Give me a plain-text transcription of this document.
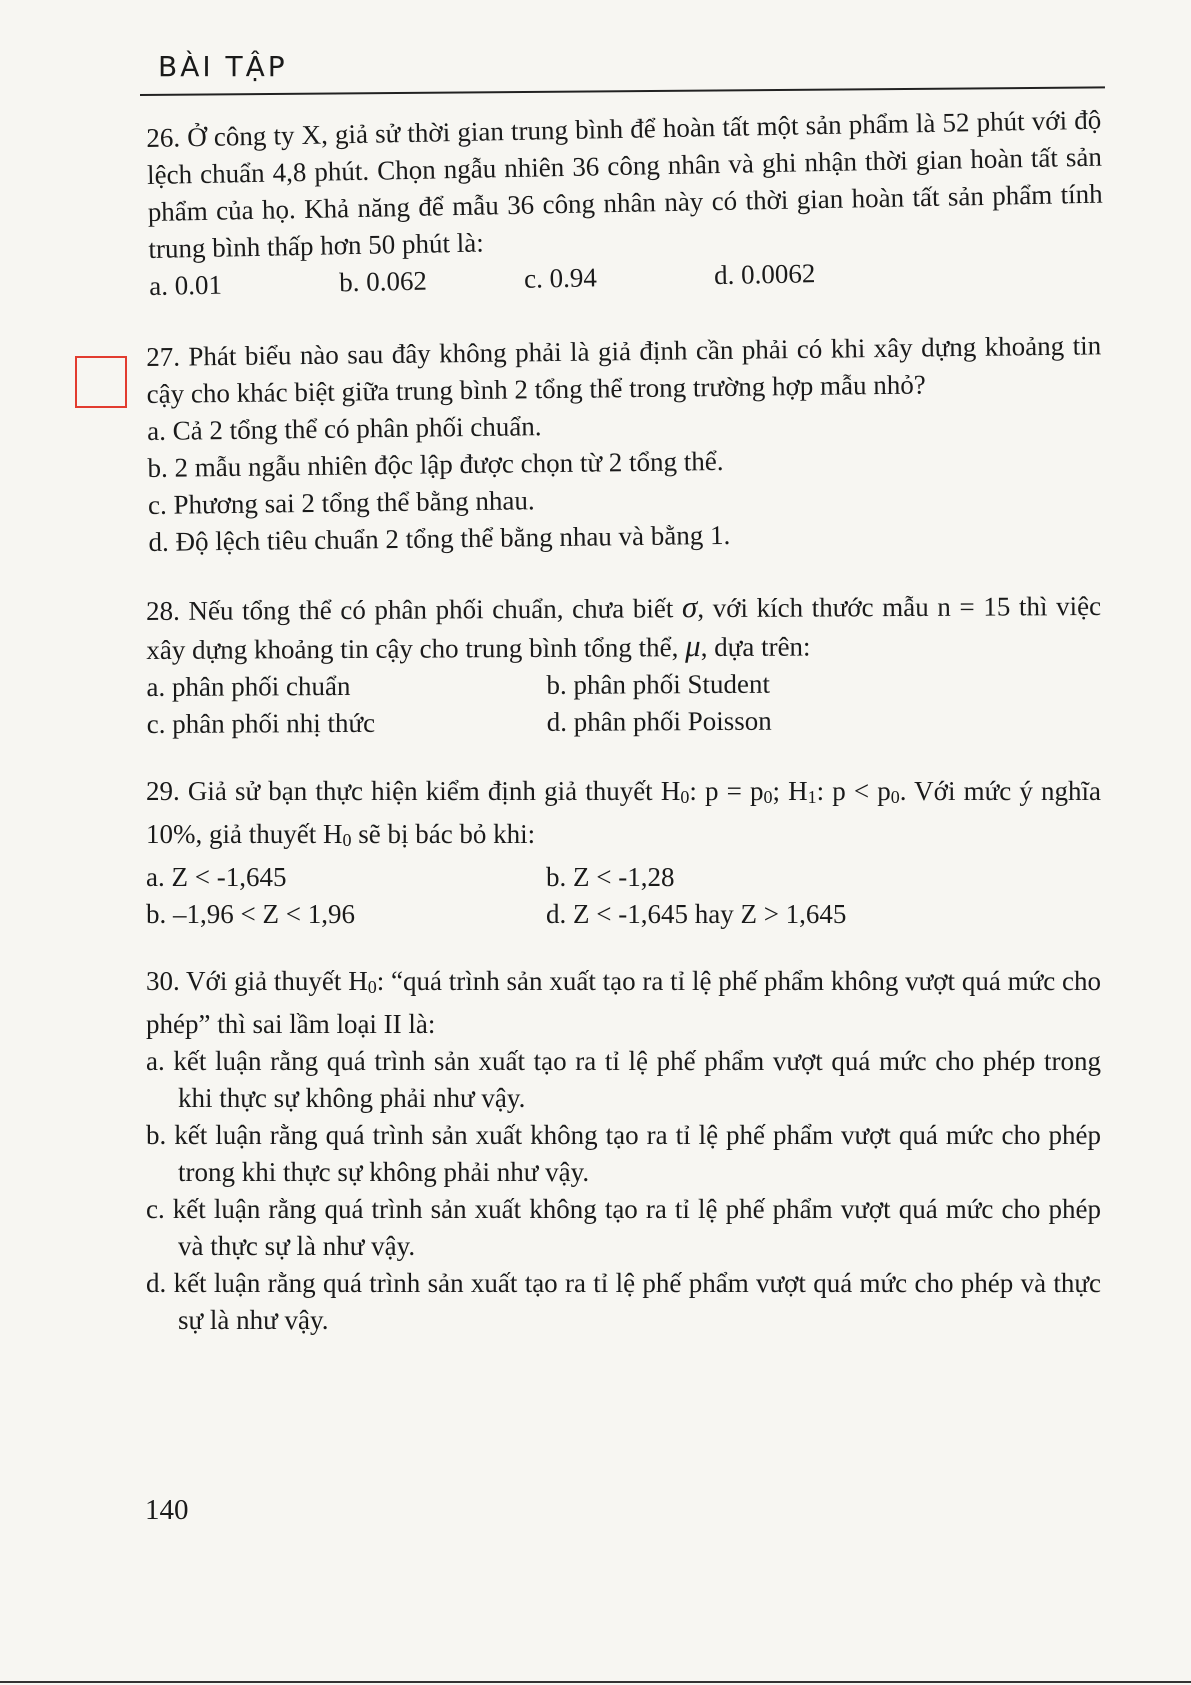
BÀI TẬP

26. Ở công ty X, giả sử thời gian trung bình để hoàn tất một sản phẩm là 52 phút với độ lệch chuẩn 4,8 phút. Chọn ngẫu nhiên 36 công nhân và ghi nhận thời gian hoàn tất sản phẩm của họ. Khả năng để mẫu 36 công nhân này có thời gian hoàn tất sản phẩm tính trung bình thấp hơn 50 phút là:

a. 0.01	b. 0.062	c. 0.94	d. 0.0062

27. Phát biểu nào sau đây không phải là giả định cần phải có khi xây dựng khoảng tin cậy cho khác biệt giữa trung bình 2 tổng thể trong trường hợp mẫu nhỏ?

a. Cả 2 tổng thể có phân phối chuẩn.

b. 2 mẫu ngẫu nhiên độc lập được chọn từ 2 tổng thể.

c. Phương sai 2 tổng thể bằng nhau.

d. Độ lệch tiêu chuẩn 2 tổng thể bằng nhau và bằng 1.

28. Nếu tổng thể có phân phối chuẩn, chưa biết σ, với kích thước mẫu n = 15 thì việc xây dựng khoảng tin cậy cho trung bình tổng thể, μ, dựa trên:

a. phân phối chuẩn	b. phân phối Student
c. phân phối nhị thức	d. phân phối Poisson

29. Giả sử bạn thực hiện kiểm định giả thuyết H0: p = p0; H1: p < p0. Với mức ý nghĩa 10%, giả thuyết H0 sẽ bị bác bỏ khi:

a. Z < -1,645	b. Z < -1,28
b. –1,96 < Z < 1,96	d. Z < -1,645 hay Z > 1,645

30. Với giả thuyết H0: “quá trình sản xuất tạo ra tỉ lệ phế phẩm không vượt quá mức cho phép” thì sai lầm loại II là:

a. kết luận rằng quá trình sản xuất tạo ra tỉ lệ phế phẩm vượt quá mức cho phép trong khi thực sự không phải như vậy.

b. kết luận rằng quá trình sản xuất không tạo ra tỉ lệ phế phẩm vượt quá mức cho phép trong khi thực sự không phải như vậy.

c. kết luận rằng quá trình sản xuất không tạo ra tỉ lệ phế phẩm vượt quá mức cho phép và thực sự là như vậy.

d. kết luận rằng quá trình sản xuất tạo ra tỉ lệ phế phẩm vượt quá mức cho phép và thực sự là như vậy.

140
